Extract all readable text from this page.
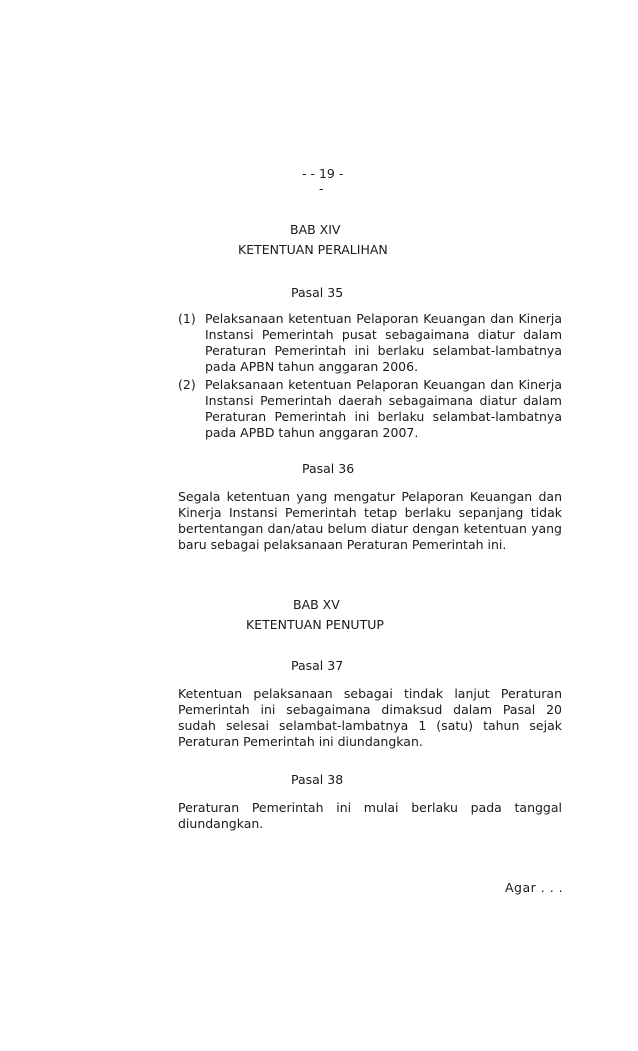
- - 19 -
-
BAB XIV
KETENTUAN PERALIHAN
Pasal 35
(1) Pelaksanaan ketentuan Pelaporan Keuangan dan Kinerja Instansi Pemerintah pusat sebagaimana diatur dalam Peraturan Pemerintah ini berlaku selambat-lambatnya pada APBN tahun anggaran 2006.
(2) Pelaksanaan ketentuan Pelaporan Keuangan dan Kinerja Instansi Pemerintah daerah sebagaimana diatur dalam Peraturan Pemerintah ini berlaku selambat-lambatnya pada APBD tahun anggaran 2007.
Pasal 36
Segala ketentuan yang mengatur Pelaporan Keuangan dan Kinerja Instansi Pemerintah tetap berlaku sepanjang tidak bertentangan dan/atau belum diatur dengan ketentuan yang baru sebagai pelaksanaan Peraturan Pemerintah ini.
BAB XV
KETENTUAN PENUTUP
Pasal 37
Ketentuan pelaksanaan sebagai tindak lanjut Peraturan Pemerintah ini sebagaimana dimaksud dalam Pasal 20 sudah selesai selambat-lambatnya 1 (satu) tahun sejak Peraturan Pemerintah ini diundangkan.
Pasal 38
Peraturan Pemerintah ini mulai berlaku pada tanggal diundangkan.
Agar . . .
